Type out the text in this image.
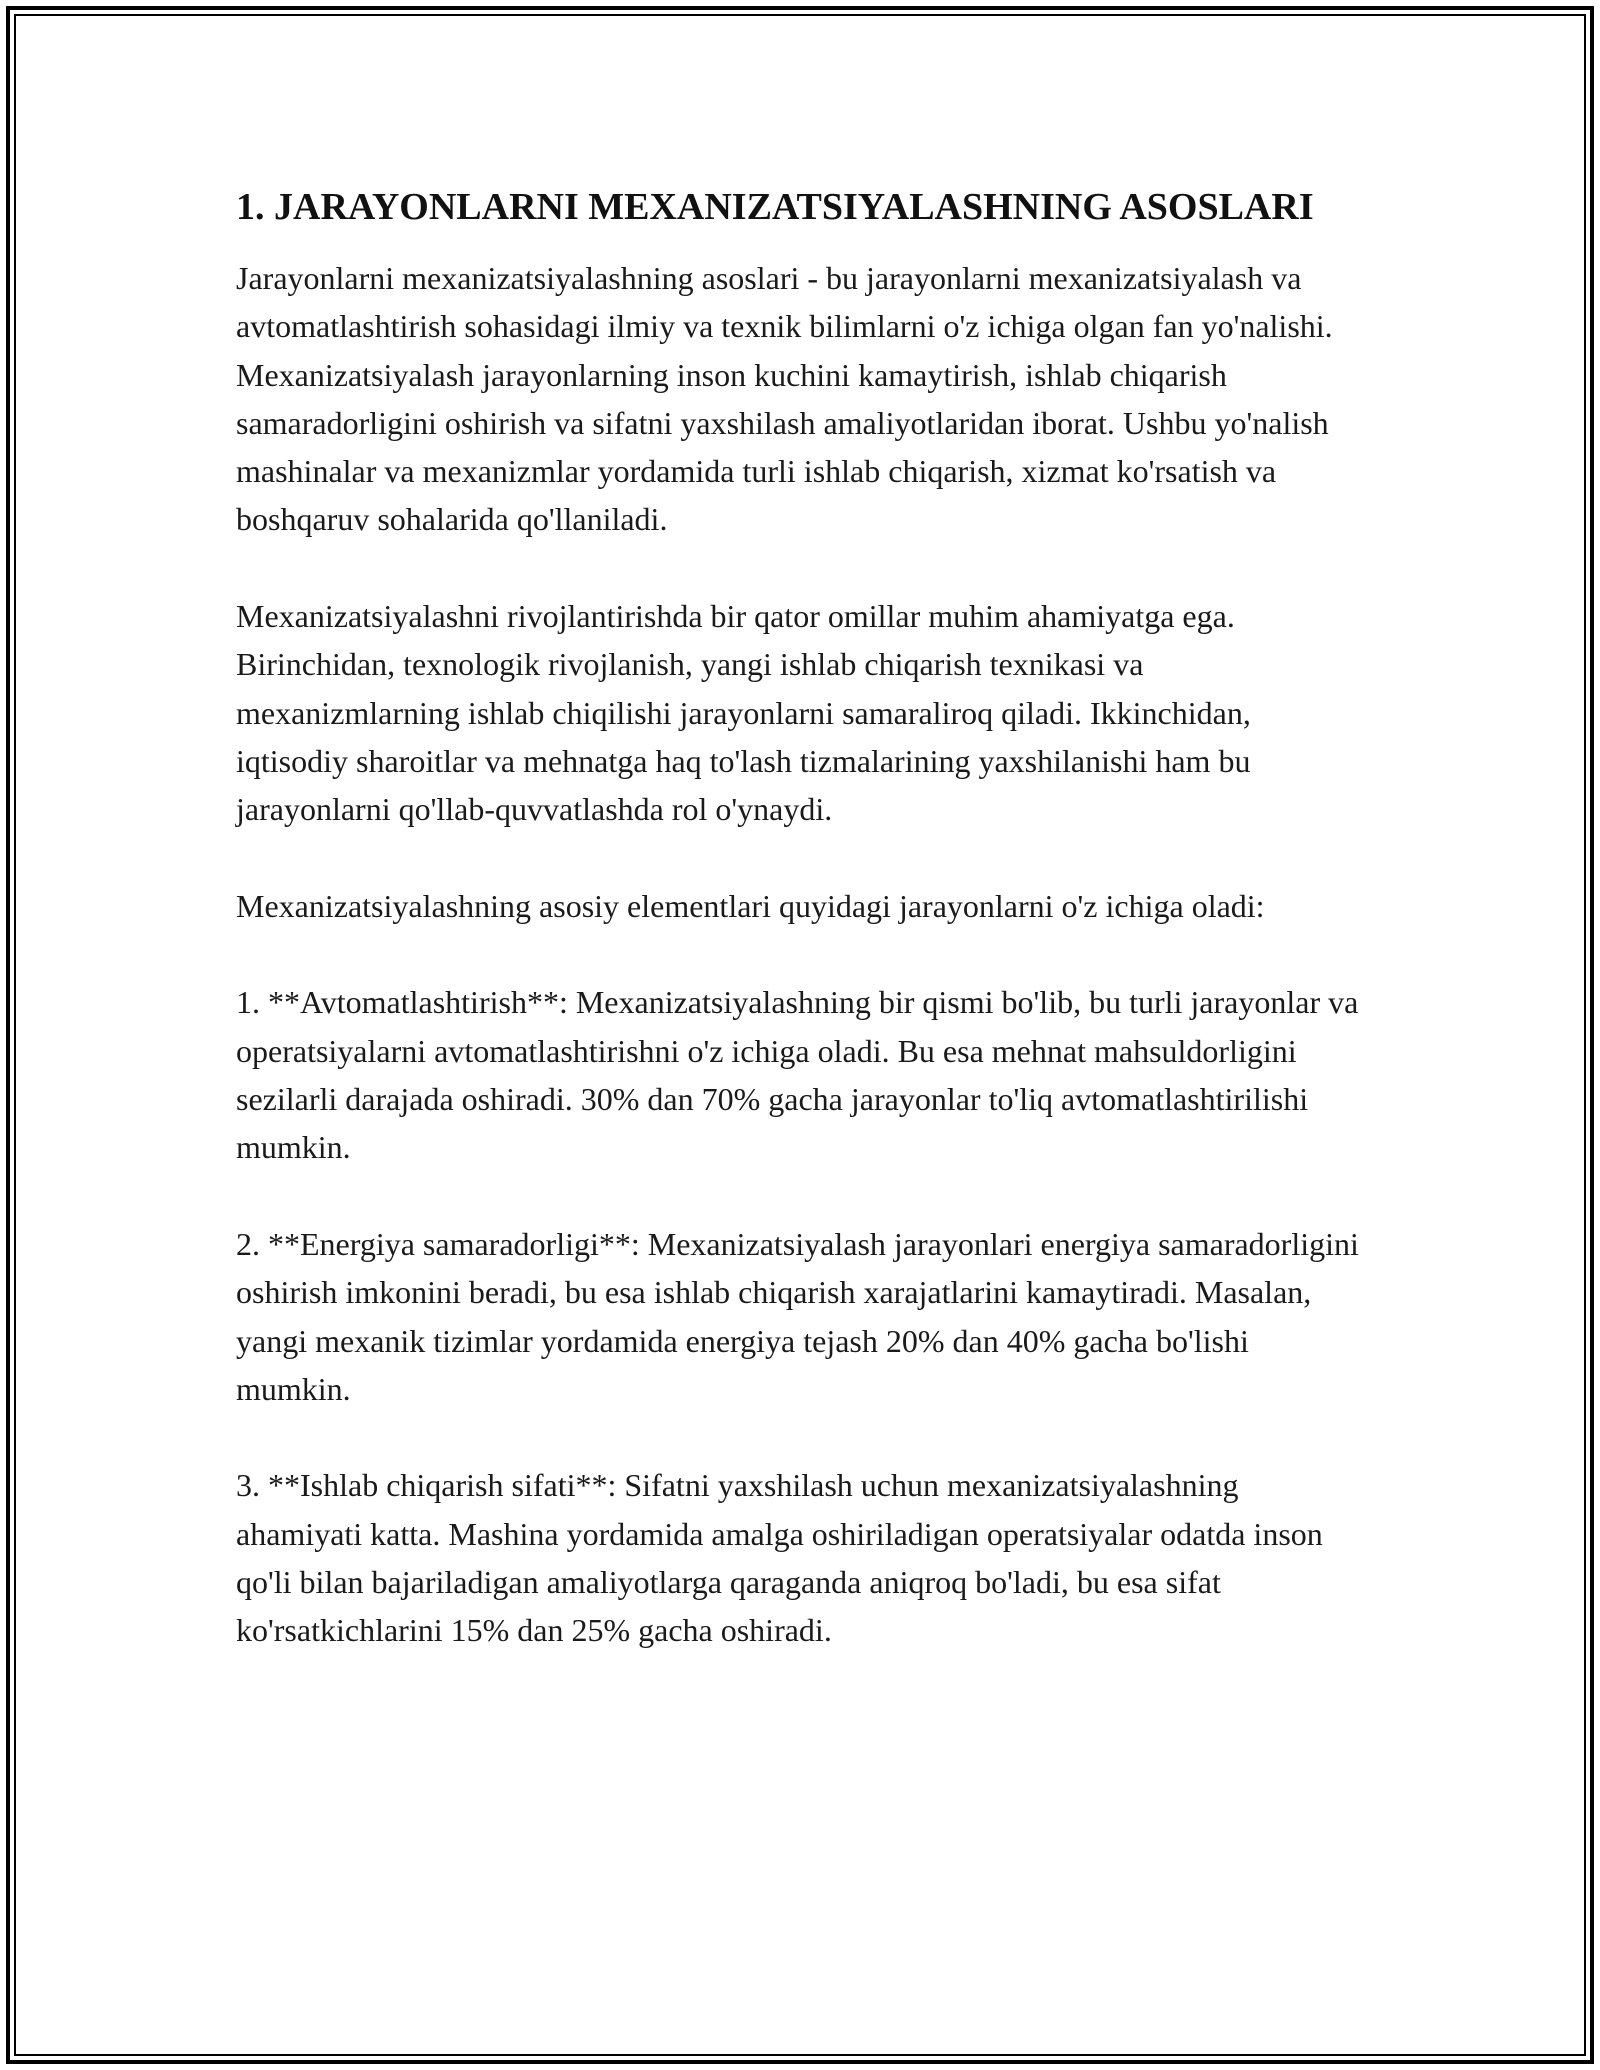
1. JARAYONLARNI MEXANIZATSIYALASHNING ASOSLARI

Jarayonlarni mexanizatsiyalashning asoslari - bu jarayonlarni mexanizatsiyalash va avtomatlashtirish sohasidagi ilmiy va texnik bilimlarni o'z ichiga olgan fan yo'nalishi. Mexanizatsiyalash jarayonlarning inson kuchini kamaytirish, ishlab chiqarish samaradorligini oshirish va sifatni yaxshilash amaliyotlaridan iborat. Ushbu yo'nalish mashinalar va mexanizmlar yordamida turli ishlab chiqarish, xizmat ko'rsatish va boshqaruv sohalarida qo'llaniladi.

Mexanizatsiyalashni rivojlantirishda bir qator omillar muhim ahamiyatga ega. Birinchidan, texnologik rivojlanish, yangi ishlab chiqarish texnikasi va mexanizmlarning ishlab chiqilishi jarayonlarni samaraliroq qiladi. Ikkinchidan, iqtisodiy sharoitlar va mehnatga haq to'lash tizmalarining yaxshilanishi ham bu jarayonlarni qo'llab-quvvatlashda rol o'ynaydi.

Mexanizatsiyalashning asosiy elementlari quyidagi jarayonlarni o'z ichiga oladi:

1. **Avtomatlashtirish**: Mexanizatsiyalashning bir qismi bo'lib, bu turli jarayonlar va operatsiyalarni avtomatlashtirishni o'z ichiga oladi. Bu esa mehnat mahsuldorligini sezilarli darajada oshiradi. 30% dan 70% gacha jarayonlar to'liq avtomatlashtirilishi mumkin.

2. **Energiya samaradorligi**: Mexanizatsiyalash jarayonlari energiya samaradorligini oshirish imkonini beradi, bu esa ishlab chiqarish xarajatlarini kamaytiradi. Masalan, yangi mexanik tizimlar yordamida energiya tejash 20% dan 40% gacha bo'lishi mumkin.

3. **Ishlab chiqarish sifati**: Sifatni yaxshilash uchun mexanizatsiyalashning ahamiyati katta. Mashina yordamida amalga oshiriladigan operatsiyalar odatda inson qo'li bilan bajariladigan amaliyotlarga qaraganda aniqroq bo'ladi, bu esa sifat ko'rsatkichlarini 15% dan 25% gacha oshiradi.
